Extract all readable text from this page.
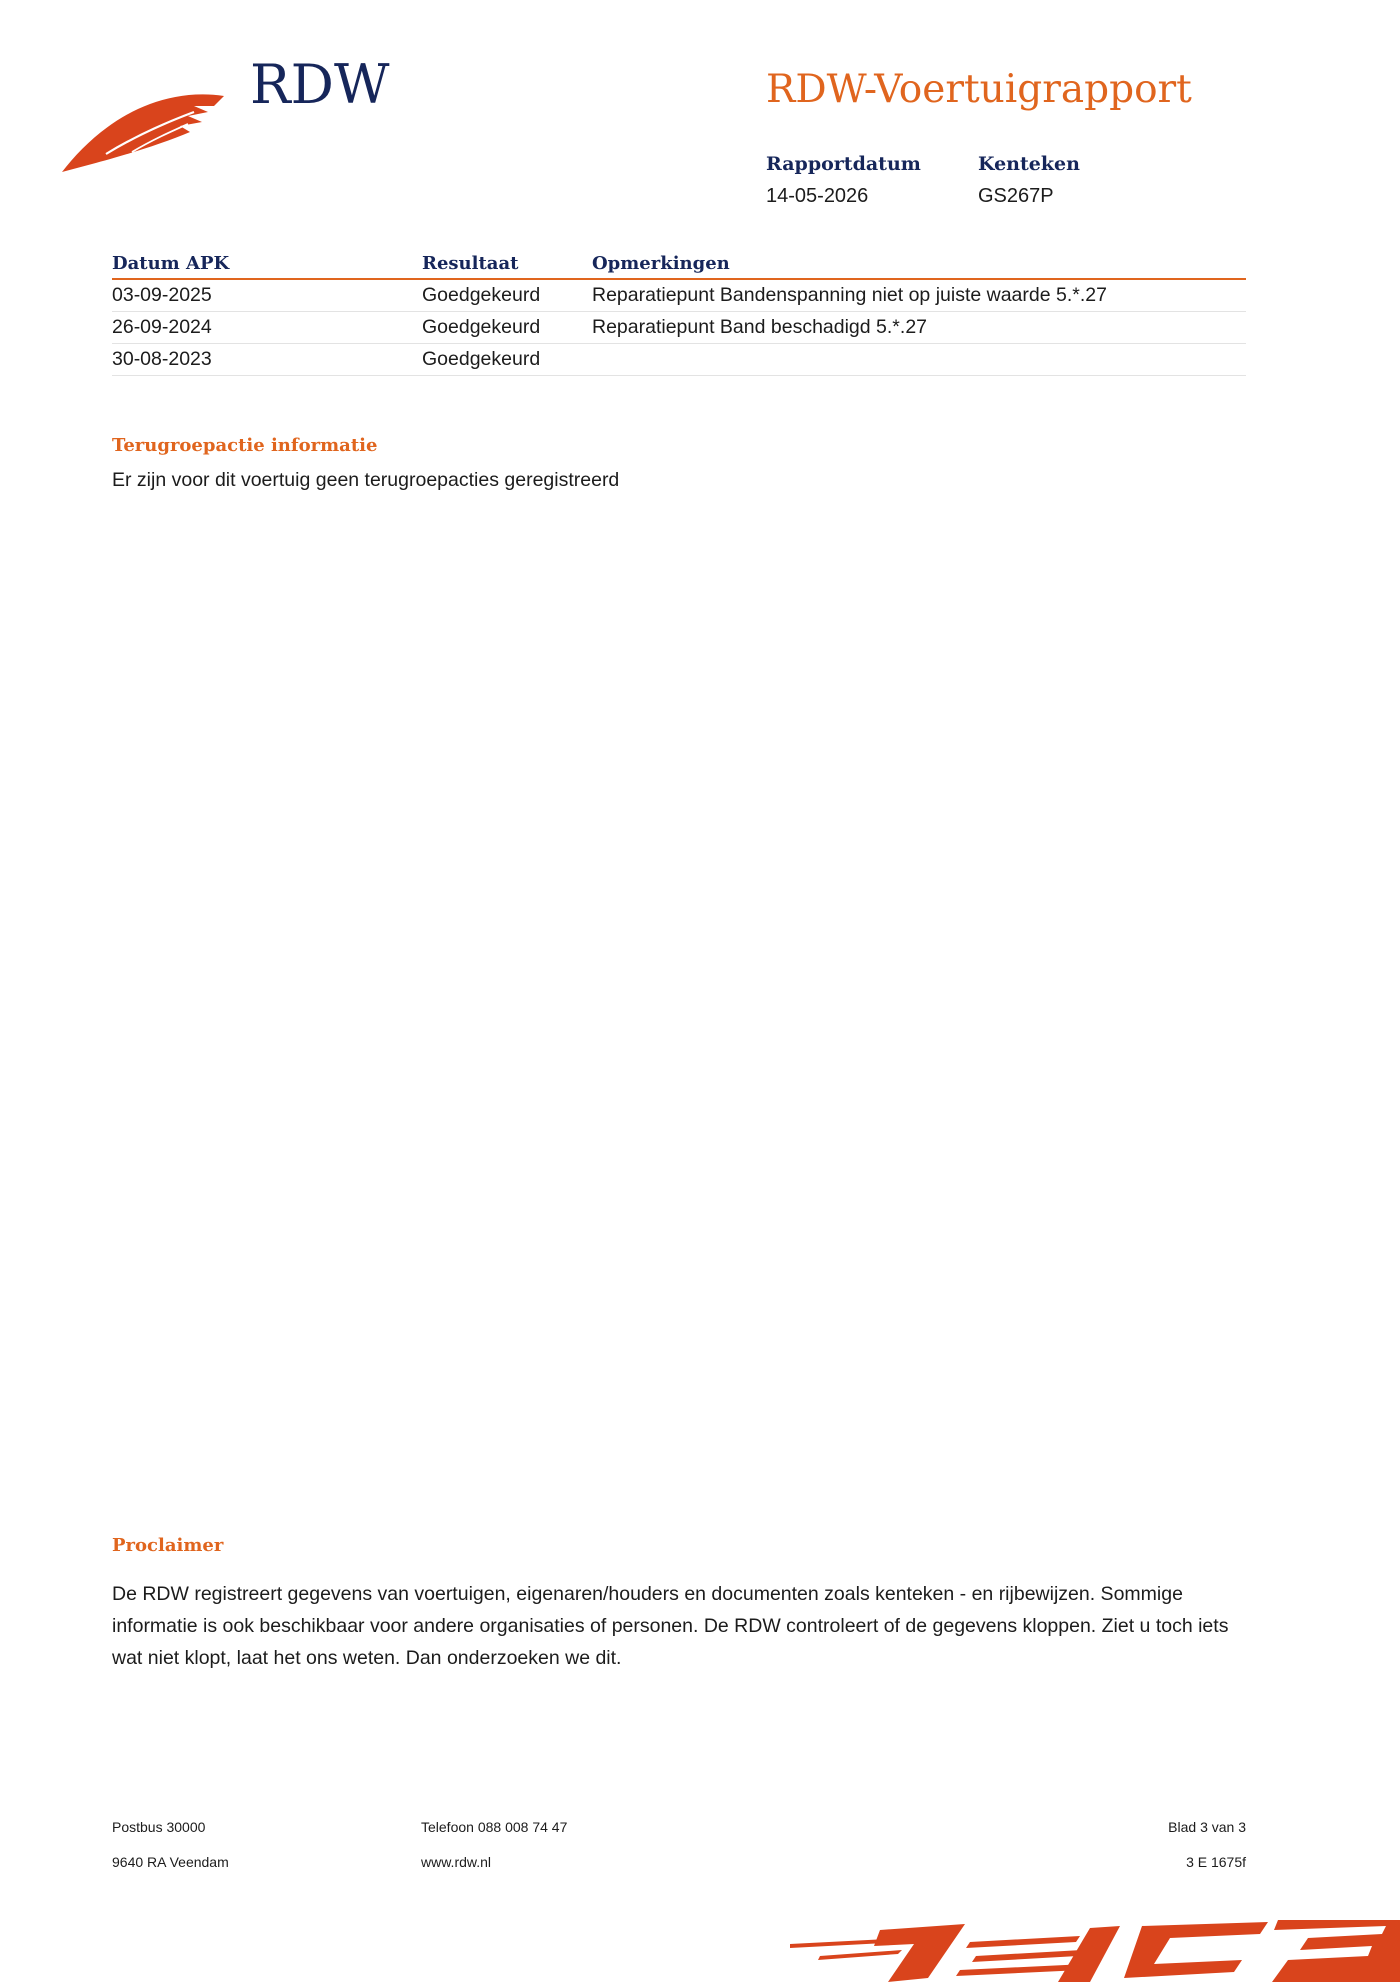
RDW	RDW-Voertuigrapport
Rapportdatum
14-05-2026
Kenteken
GS267P
Datum APK	Resultaat	Opmerkingen
03-09-2025	Goedgekeurd	Reparatiepunt Bandenspanning niet op juiste waarde 5.*.27
26-09-2024	Goedgekeurd	Reparatiepunt Band beschadigd 5.*.27
30-08-2023	Goedgekeurd	
Terugroepactie informatie
Er zijn voor dit voertuig geen terugroepacties geregistreerd
Proclaimer
De RDW registreert gegevens van voertuigen, eigenaren/houders en documenten zoals kenteken - en rijbewijzen. Sommige informatie is ook beschikbaar voor andere organisaties of personen. De RDW controleert of de gegevens kloppen. Ziet u toch iets wat niet klopt, laat het ons weten. Dan onderzoeken we dit.
Postbus 30000
9640 RA Veendam
Telefoon 088 008 74 47
www.rdw.nl
Blad 3 van 3
3 E 1675f
